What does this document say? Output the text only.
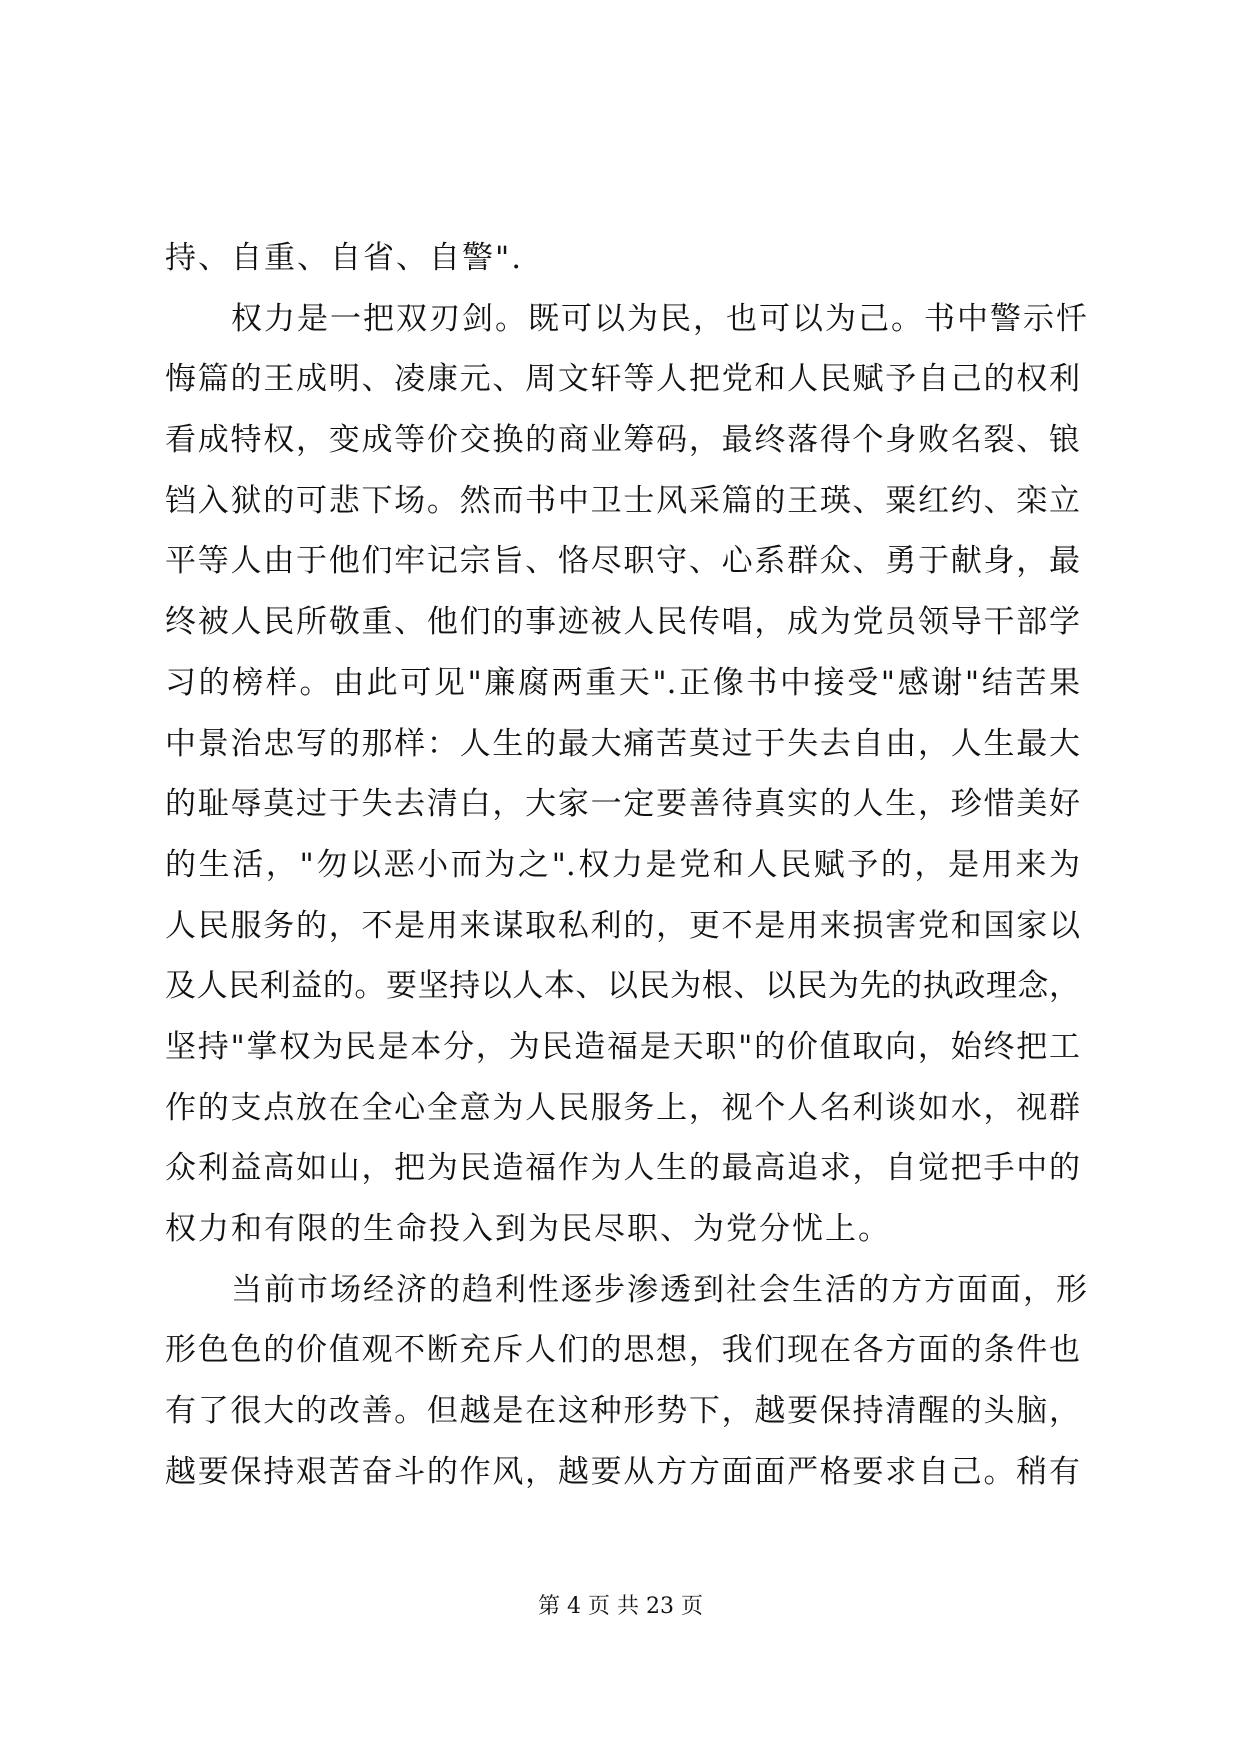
持、自重、自省、自警".
　　权力是一把双刃剑。既可以为民，也可以为己。书中警示忏
悔篇的王成明、凌康元、周文轩等人把党和人民赋予自己的权利
看成特权，变成等价交换的商业筹码，最终落得个身败名裂、锒
铛入狱的可悲下场。然而书中卫士风采篇的王瑛、粟红约、栾立
平等人由于他们牢记宗旨、恪尽职守、心系群众、勇于献身，最
终被人民所敬重、他们的事迹被人民传唱，成为党员领导干部学
习的榜样。由此可见"廉腐两重天".正像书中接受"感谢"结苦果
中景治忠写的那样：人生的最大痛苦莫过于失去自由，人生最大
的耻辱莫过于失去清白，大家一定要善待真实的人生，珍惜美好
的生活，"勿以恶小而为之".权力是党和人民赋予的，是用来为
人民服务的，不是用来谋取私利的，更不是用来损害党和国家以
及人民利益的。要坚持以人本、以民为根、以民为先的执政理念，
坚持"掌权为民是本分，为民造福是天职"的价值取向，始终把工
作的支点放在全心全意为人民服务上，视个人名利谈如水，视群
众利益高如山，把为民造福作为人生的最高追求，自觉把手中的
权力和有限的生命投入到为民尽职、为党分忧上。
　　当前市场经济的趋利性逐步渗透到社会生活的方方面面，形
形色色的价值观不断充斥人们的思想，我们现在各方面的条件也
有了很大的改善。但越是在这种形势下，越要保持清醒的头脑，
越要保持艰苦奋斗的作风，越要从方方面面严格要求自己。稍有
第 4 页 共 23 页
